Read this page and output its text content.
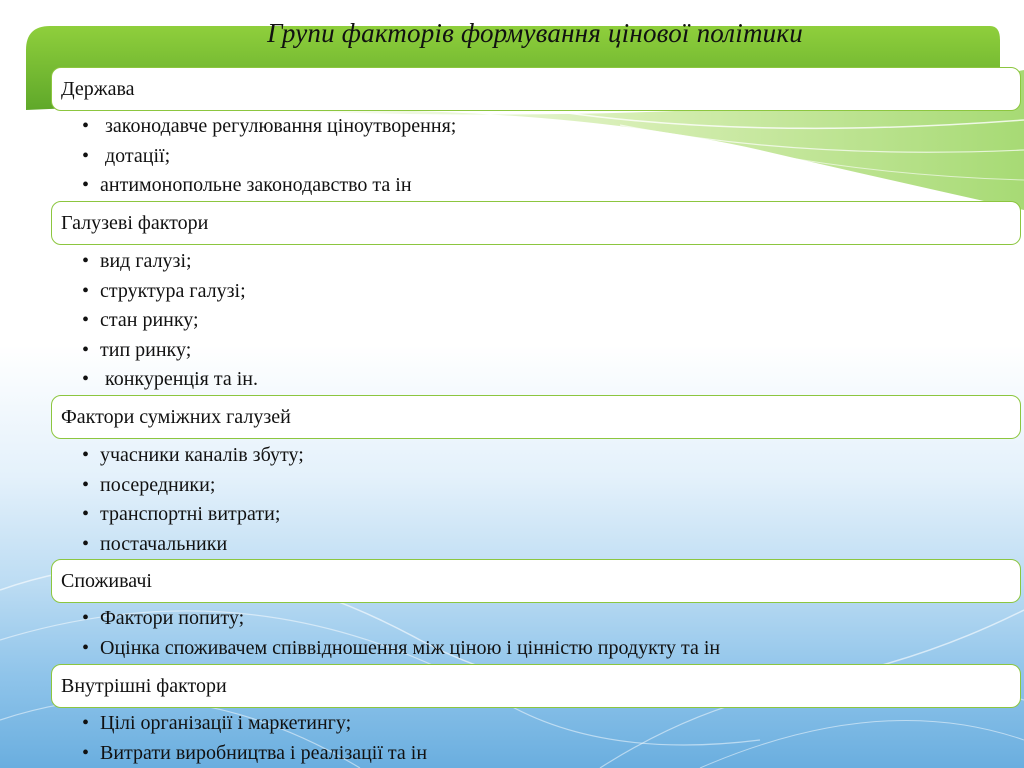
Групи факторів формування цінової політики
Держава
• законодавче регулювання ціноутворення;
• дотації;
• антимонопольне законодавство та ін
Галузеві фактори
• вид галузі;
• структура галузі;
• стан ринку;
• тип ринку;
• конкуренція та ін.
Фактори суміжних галузей
• учасники каналів збуту;
• посередники;
• транспортні витрати;
• постачальники
Споживачі
• Фактори попиту;
• Оцінка споживачем співвідношення між ціною і цінністю продукту та ін
Внутрішні фактори
• Цілі організації і маркетингу;
• Витрати виробництва і реалізації та ін
